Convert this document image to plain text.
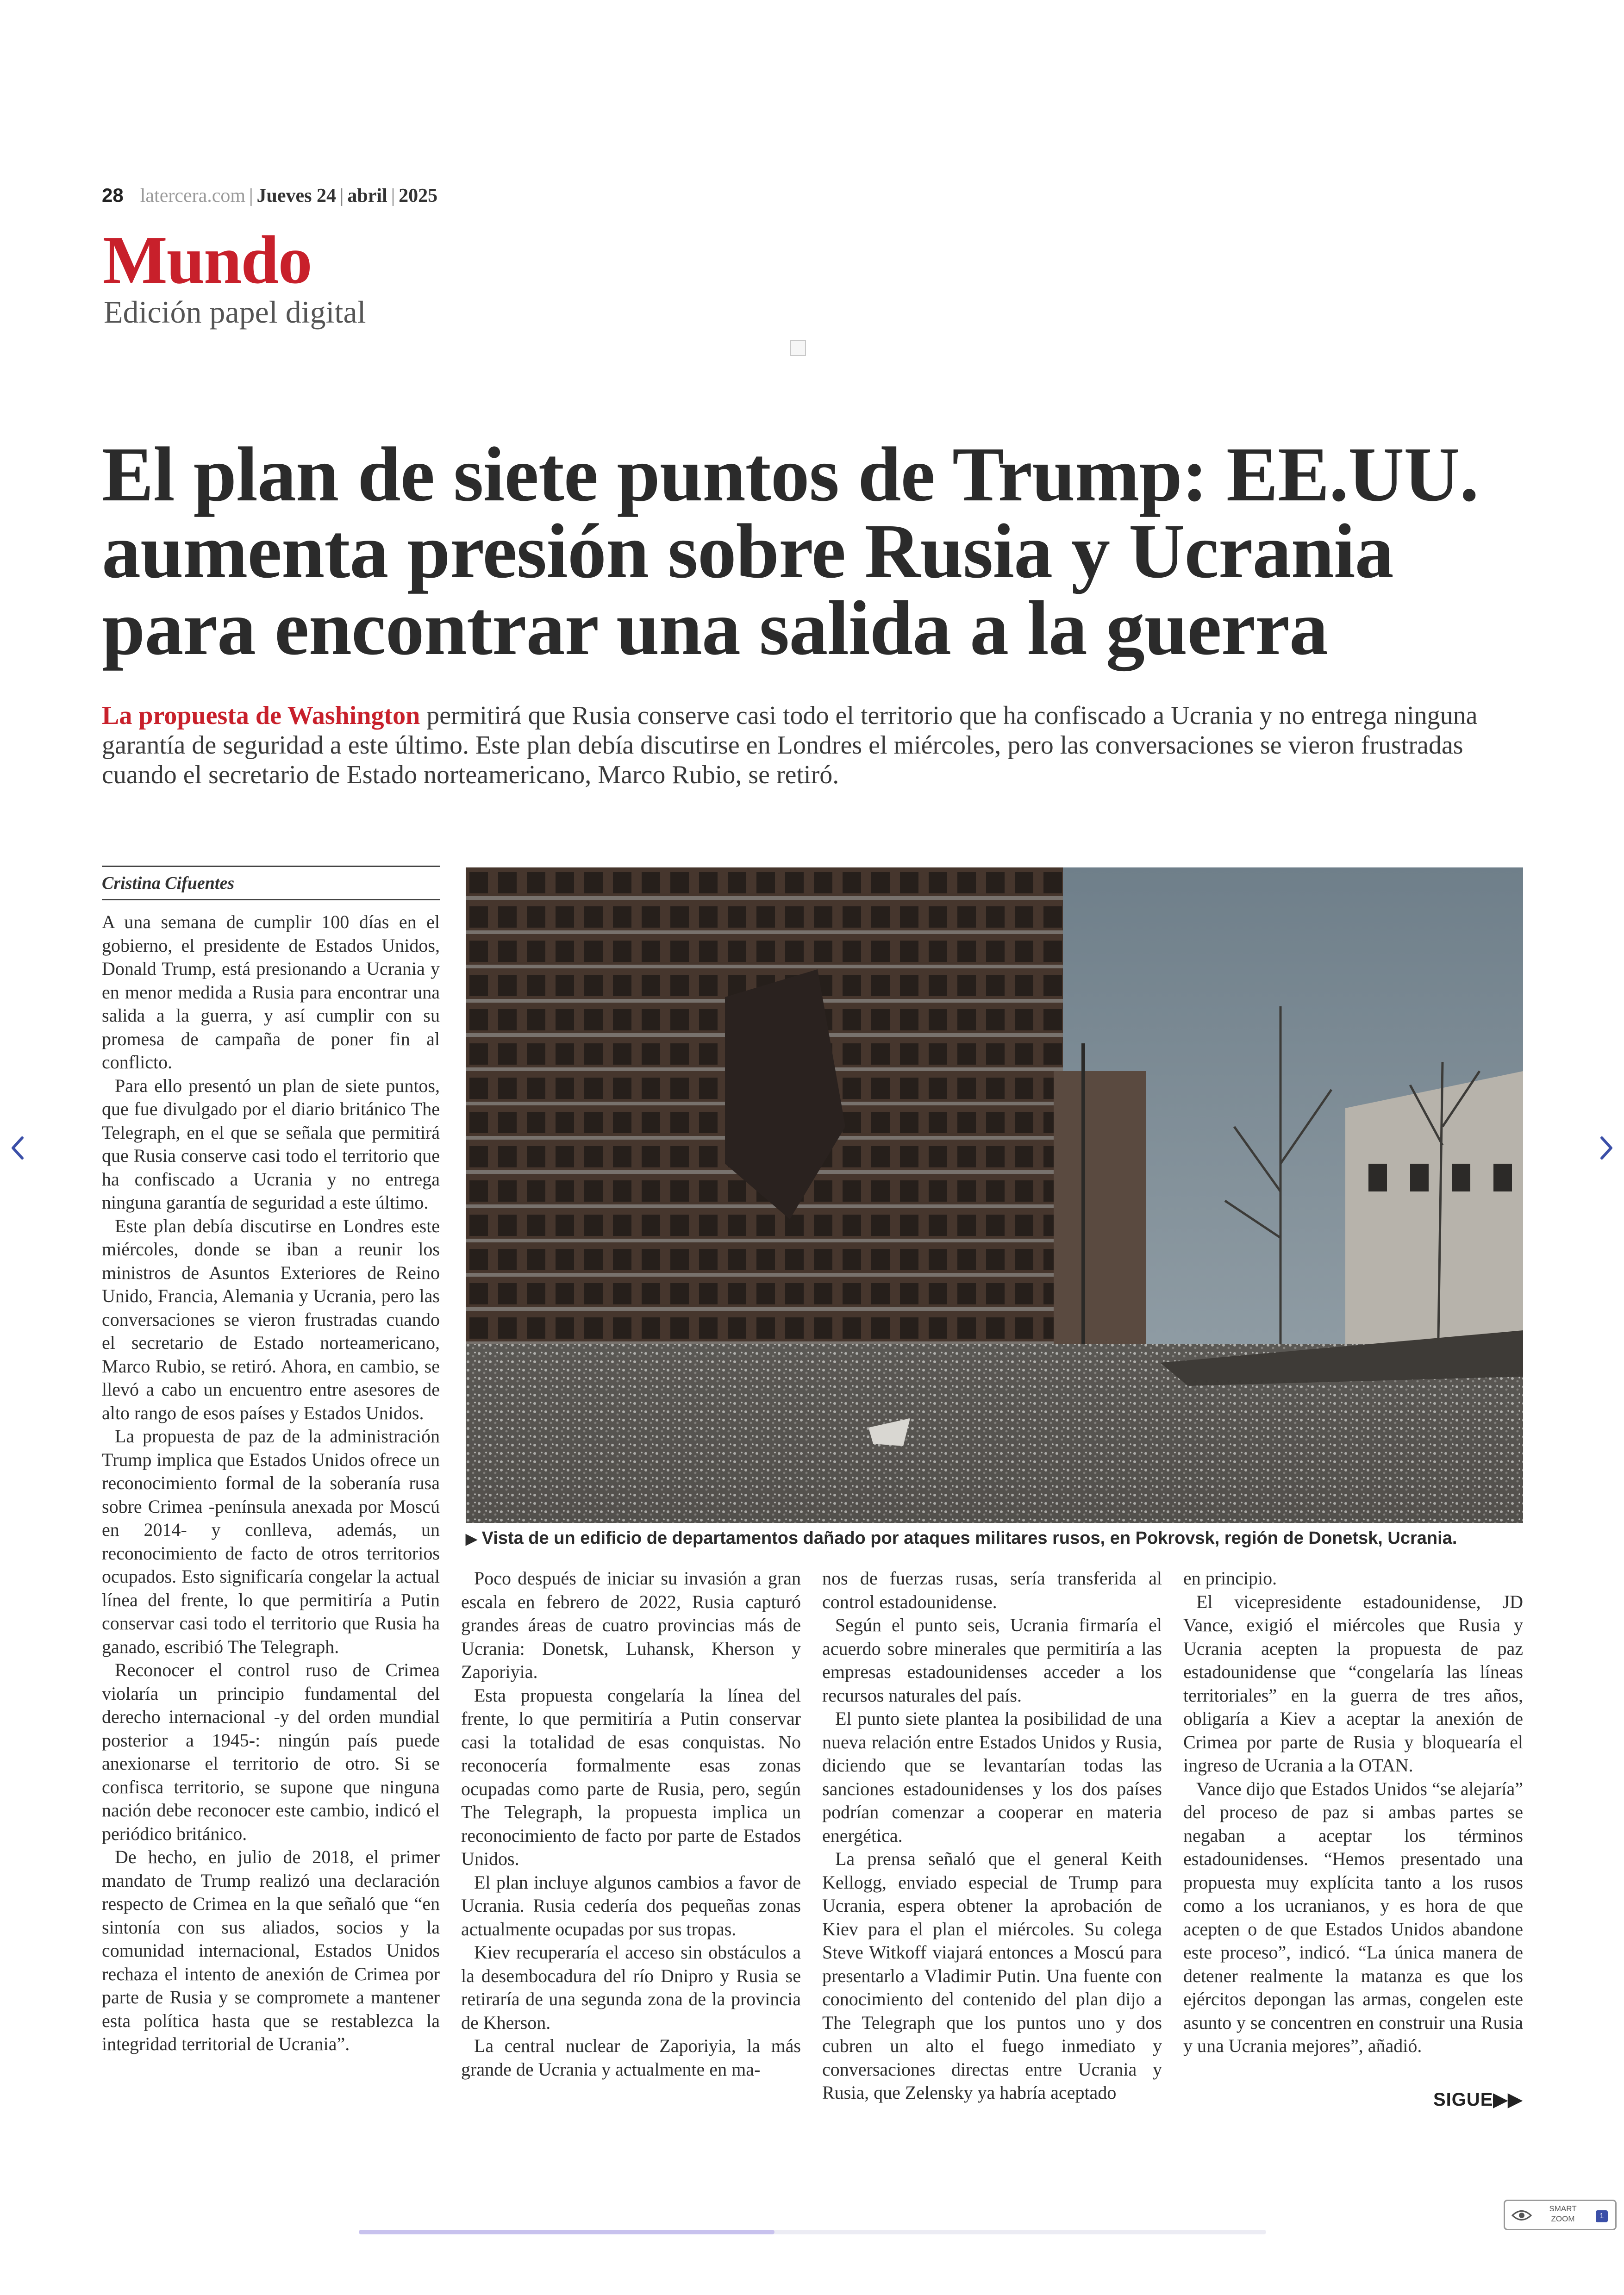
28 latercera.com | Jueves 24 | abril | 2025
Mundo
Edición papel digital
El plan de siete puntos de Trump: EE.UU. aumenta presión sobre Rusia y Ucrania para encontrar una salida a la guerra
La propuesta de Washington permitirá que Rusia conserve casi todo el territorio que ha confiscado a Ucrania y no entrega ninguna garantía de seguridad a este último. Este plan debía discutirse en Londres el miércoles, pero las conversaciones se vieron frustradas cuando el secretario de Estado norteamericano, Marco Rubio, se retiró.
Cristina Cifuentes

A una semana de cumplir 100 días en el gobierno, el presidente de Estados Unidos, Donald Trump, está presionando a Ucrania y en menor medida a Rusia para encontrar una salida a la guerra, y así cumplir con su promesa de campaña de poner fin al conflicto.

Para ello presentó un plan de siete puntos, que fue divulgado por el diario británico The Telegraph, en el que se señala que permitirá que Rusia conserve casi todo el territorio que ha confiscado a Ucrania y no entrega ninguna garantía de seguridad a este último.

Este plan debía discutirse en Londres este miércoles, donde se iban a reunir los ministros de Asuntos Exteriores de Reino Unido, Francia, Alemania y Ucrania, pero las conversaciones se vieron frustradas cuando el secretario de Estado norteamericano, Marco Rubio, se retiró. Ahora, en cambio, se llevó a cabo un encuentro entre asesores de alto rango de esos países y Estados Unidos.

La propuesta de paz de la administración Trump implica que Estados Unidos ofrece un reconocimiento formal de la soberanía rusa sobre Crimea -península anexada por Moscú en 2014- y conlleva, además, un reconocimiento de facto de otros territorios ocupados. Esto significaría congelar la actual línea del frente, lo que permitiría a Putin conservar casi todo el territorio que Rusia ha ganado, escribió The Telegraph.

Reconocer el control ruso de Crimea violaría un principio fundamental del derecho internacional -y del orden mundial posterior a 1945-: ningún país puede anexionarse el territorio de otro. Si se confisca territorio, se supone que ninguna nación debe reconocer este cambio, indicó el periódico británico.

De hecho, en julio de 2018, el primer mandato de Trump realizó una declaración respecto de Crimea en la que señaló que “en sintonía con sus aliados, socios y la comunidad internacional, Estados Unidos rechaza el intento de anexión de Crimea por parte de Rusia y se compromete a mantener esta política hasta que se restablezca la integridad territorial de Ucrania”.

▶ Vista de un edificio de departamentos dañado por ataques militares rusos, en Pokrovsk, región de Donetsk, Ucrania.

Poco después de iniciar su invasión a gran escala en febrero de 2022, Rusia capturó grandes áreas de cuatro provincias más de Ucrania: Donetsk, Luhansk, Kherson y Zaporiyia.

Esta propuesta congelaría la línea del frente, lo que permitiría a Putin conservar casi la totalidad de esas conquistas. No reconocería formalmente esas zonas ocupadas como parte de Rusia, pero, según The Telegraph, la propuesta implica un reconocimiento de facto por parte de Estados Unidos.

El plan incluye algunos cambios a favor de Ucrania. Rusia cedería dos pequeñas zonas actualmente ocupadas por sus tropas.

Kiev recuperaría el acceso sin obstáculos a la desembocadura del río Dnipro y Rusia se retiraría de una segunda zona de la provincia de Kherson.

La central nuclear de Zaporiyia, la más grande de Ucrania y actualmente en ma-

nos de fuerzas rusas, sería transferida al control estadounidense.

Según el punto seis, Ucrania firmaría el acuerdo sobre minerales que permitiría a las empresas estadounidenses acceder a los recursos naturales del país.

El punto siete plantea la posibilidad de una nueva relación entre Estados Unidos y Rusia, diciendo que se levantarían todas las sanciones estadounidenses y los dos países podrían comenzar a cooperar en materia energética.

La prensa señaló que el general Keith Kellogg, enviado especial de Trump para Ucrania, espera obtener la aprobación de Kiev para el plan el miércoles. Su colega Steve Witkoff viajará entonces a Moscú para presentarlo a Vladimir Putin. Una fuente con conocimiento del contenido del plan dijo a The Telegraph que los puntos uno y dos cubren un alto el fuego inmediato y conversaciones directas entre Ucrania y Rusia, que Zelensky ya habría aceptado

en principio.

El vicepresidente estadounidense, JD Vance, exigió el miércoles que Rusia y Ucrania acepten la propuesta de paz estadounidense que “congelaría las líneas territoriales” en la guerra de tres años, obligaría a Kiev a aceptar la anexión de Crimea por parte de Rusia y bloquearía el ingreso de Ucrania a la OTAN.

Vance dijo que Estados Unidos “se alejaría” del proceso de paz si ambas partes se negaban a aceptar los términos estadounidenses. “Hemos presentado una propuesta muy explícita tanto a los rusos como a los ucranianos, y es hora de que acepten o de que Estados Unidos abandone este proceso”, indicó. “La única manera de detener realmente la matanza es que los ejércitos depongan las armas, congelen este asunto y se concentren en construir una Rusia y una Ucrania mejores”, añadió.

SIGUE▶▶
SMART ZOOM	1
